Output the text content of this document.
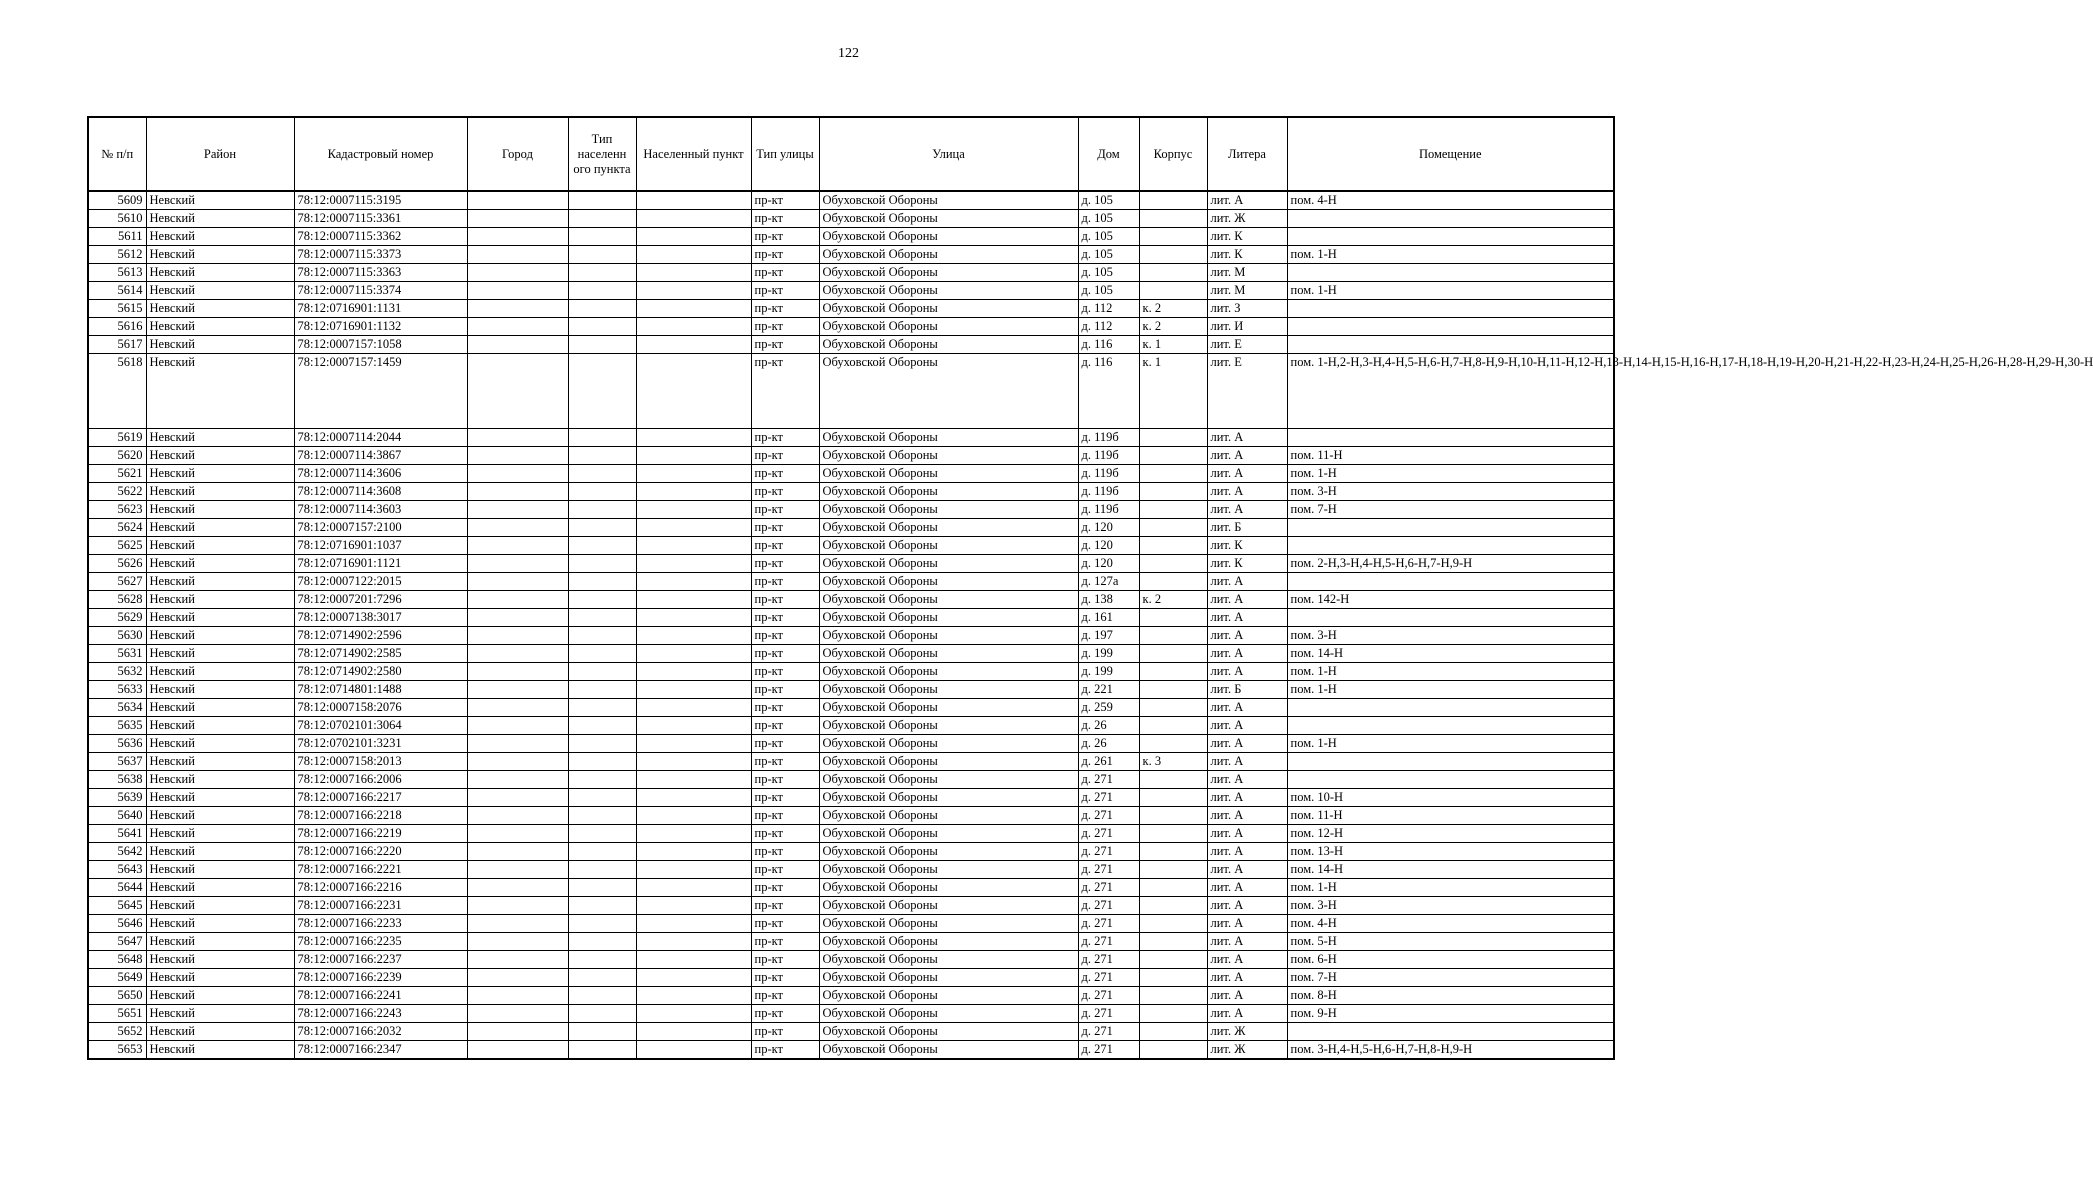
122
№ п/п	Район	Кадастровый номер	Город	Тип населенн ого пункта	Населенный пункт	Тип улицы	Улица	Дом	Корпус	Литера	Помещение
5609	Невский	78:12:0007115:3195				пр-кт	Обуховской Обороны	д. 105		лит. А	пом. 4-Н
5610	Невский	78:12:0007115:3361				пр-кт	Обуховской Обороны	д. 105		лит. Ж	
5611	Невский	78:12:0007115:3362				пр-кт	Обуховской Обороны	д. 105		лит. К	
5612	Невский	78:12:0007115:3373				пр-кт	Обуховской Обороны	д. 105		лит. К	пом. 1-Н
5613	Невский	78:12:0007115:3363				пр-кт	Обуховской Обороны	д. 105		лит. М	
5614	Невский	78:12:0007115:3374				пр-кт	Обуховской Обороны	д. 105		лит. М	пом. 1-Н
5615	Невский	78:12:0716901:1131				пр-кт	Обуховской Обороны	д. 112	к. 2	лит. З	
5616	Невский	78:12:0716901:1132				пр-кт	Обуховской Обороны	д. 112	к. 2	лит. И	
5617	Невский	78:12:0007157:1058				пр-кт	Обуховской Обороны	д. 116	к. 1	лит. Е	
5618	Невский	78:12:0007157:1459				пр-кт	Обуховской Обороны	д. 116	к. 1	лит. Е	пом. 1-Н,2-Н,3-Н,4-Н,5-Н,6-Н,7-Н,8-Н,9-Н,10-Н,11-Н,12-Н,13-Н,14-Н,15-Н,16-Н,17-Н,18-Н,19-Н,20-Н,21-Н,22-Н,23-Н,24-Н,25-Н,26-Н,28-Н,29-Н,30-Н
5619	Невский	78:12:0007114:2044				пр-кт	Обуховской Обороны	д. 119б		лит. А	
5620	Невский	78:12:0007114:3867				пр-кт	Обуховской Обороны	д. 119б		лит. А	пом. 11-Н
5621	Невский	78:12:0007114:3606				пр-кт	Обуховской Обороны	д. 119б		лит. А	пом. 1-Н
5622	Невский	78:12:0007114:3608				пр-кт	Обуховской Обороны	д. 119б		лит. А	пом. 3-Н
5623	Невский	78:12:0007114:3603				пр-кт	Обуховской Обороны	д. 119б		лит. А	пом. 7-Н
5624	Невский	78:12:0007157:2100				пр-кт	Обуховской Обороны	д. 120		лит. Б	
5625	Невский	78:12:0716901:1037				пр-кт	Обуховской Обороны	д. 120		лит. К	
5626	Невский	78:12:0716901:1121				пр-кт	Обуховской Обороны	д. 120		лит. К	пом. 2-Н,3-Н,4-Н,5-Н,6-Н,7-Н,9-Н
5627	Невский	78:12:0007122:2015				пр-кт	Обуховской Обороны	д. 127а		лит. А	
5628	Невский	78:12:0007201:7296				пр-кт	Обуховской Обороны	д. 138	к. 2	лит. А	пом. 142-Н
5629	Невский	78:12:0007138:3017				пр-кт	Обуховской Обороны	д. 161		лит. А	
5630	Невский	78:12:0714902:2596				пр-кт	Обуховской Обороны	д. 197		лит. А	пом. 3-Н
5631	Невский	78:12:0714902:2585				пр-кт	Обуховской Обороны	д. 199		лит. А	пом. 14-Н
5632	Невский	78:12:0714902:2580				пр-кт	Обуховской Обороны	д. 199		лит. А	пом. 1-Н
5633	Невский	78:12:0714801:1488				пр-кт	Обуховской Обороны	д. 221		лит. Б	пом. 1-Н
5634	Невский	78:12:0007158:2076				пр-кт	Обуховской Обороны	д. 259		лит. А	
5635	Невский	78:12:0702101:3064				пр-кт	Обуховской Обороны	д. 26		лит. А	
5636	Невский	78:12:0702101:3231				пр-кт	Обуховской Обороны	д. 26		лит. А	пом. 1-Н
5637	Невский	78:12:0007158:2013				пр-кт	Обуховской Обороны	д. 261	к. 3	лит. А	
5638	Невский	78:12:0007166:2006				пр-кт	Обуховской Обороны	д. 271		лит. А	
5639	Невский	78:12:0007166:2217				пр-кт	Обуховской Обороны	д. 271		лит. А	пом. 10-Н
5640	Невский	78:12:0007166:2218				пр-кт	Обуховской Обороны	д. 271		лит. А	пом. 11-Н
5641	Невский	78:12:0007166:2219				пр-кт	Обуховской Обороны	д. 271		лит. А	пом. 12-Н
5642	Невский	78:12:0007166:2220				пр-кт	Обуховской Обороны	д. 271		лит. А	пом. 13-Н
5643	Невский	78:12:0007166:2221				пр-кт	Обуховской Обороны	д. 271		лит. А	пом. 14-Н
5644	Невский	78:12:0007166:2216				пр-кт	Обуховской Обороны	д. 271		лит. А	пом. 1-Н
5645	Невский	78:12:0007166:2231				пр-кт	Обуховской Обороны	д. 271		лит. А	пом. 3-Н
5646	Невский	78:12:0007166:2233				пр-кт	Обуховской Обороны	д. 271		лит. А	пом. 4-Н
5647	Невский	78:12:0007166:2235				пр-кт	Обуховской Обороны	д. 271		лит. А	пом. 5-Н
5648	Невский	78:12:0007166:2237				пр-кт	Обуховской Обороны	д. 271		лит. А	пом. 6-Н
5649	Невский	78:12:0007166:2239				пр-кт	Обуховской Обороны	д. 271		лит. А	пом. 7-Н
5650	Невский	78:12:0007166:2241				пр-кт	Обуховской Обороны	д. 271		лит. А	пом. 8-Н
5651	Невский	78:12:0007166:2243				пр-кт	Обуховской Обороны	д. 271		лит. А	пом. 9-Н
5652	Невский	78:12:0007166:2032				пр-кт	Обуховской Обороны	д. 271		лит. Ж	
5653	Невский	78:12:0007166:2347				пр-кт	Обуховской Обороны	д. 271		лит. Ж	пом. 3-Н,4-Н,5-Н,6-Н,7-Н,8-Н,9-Н
